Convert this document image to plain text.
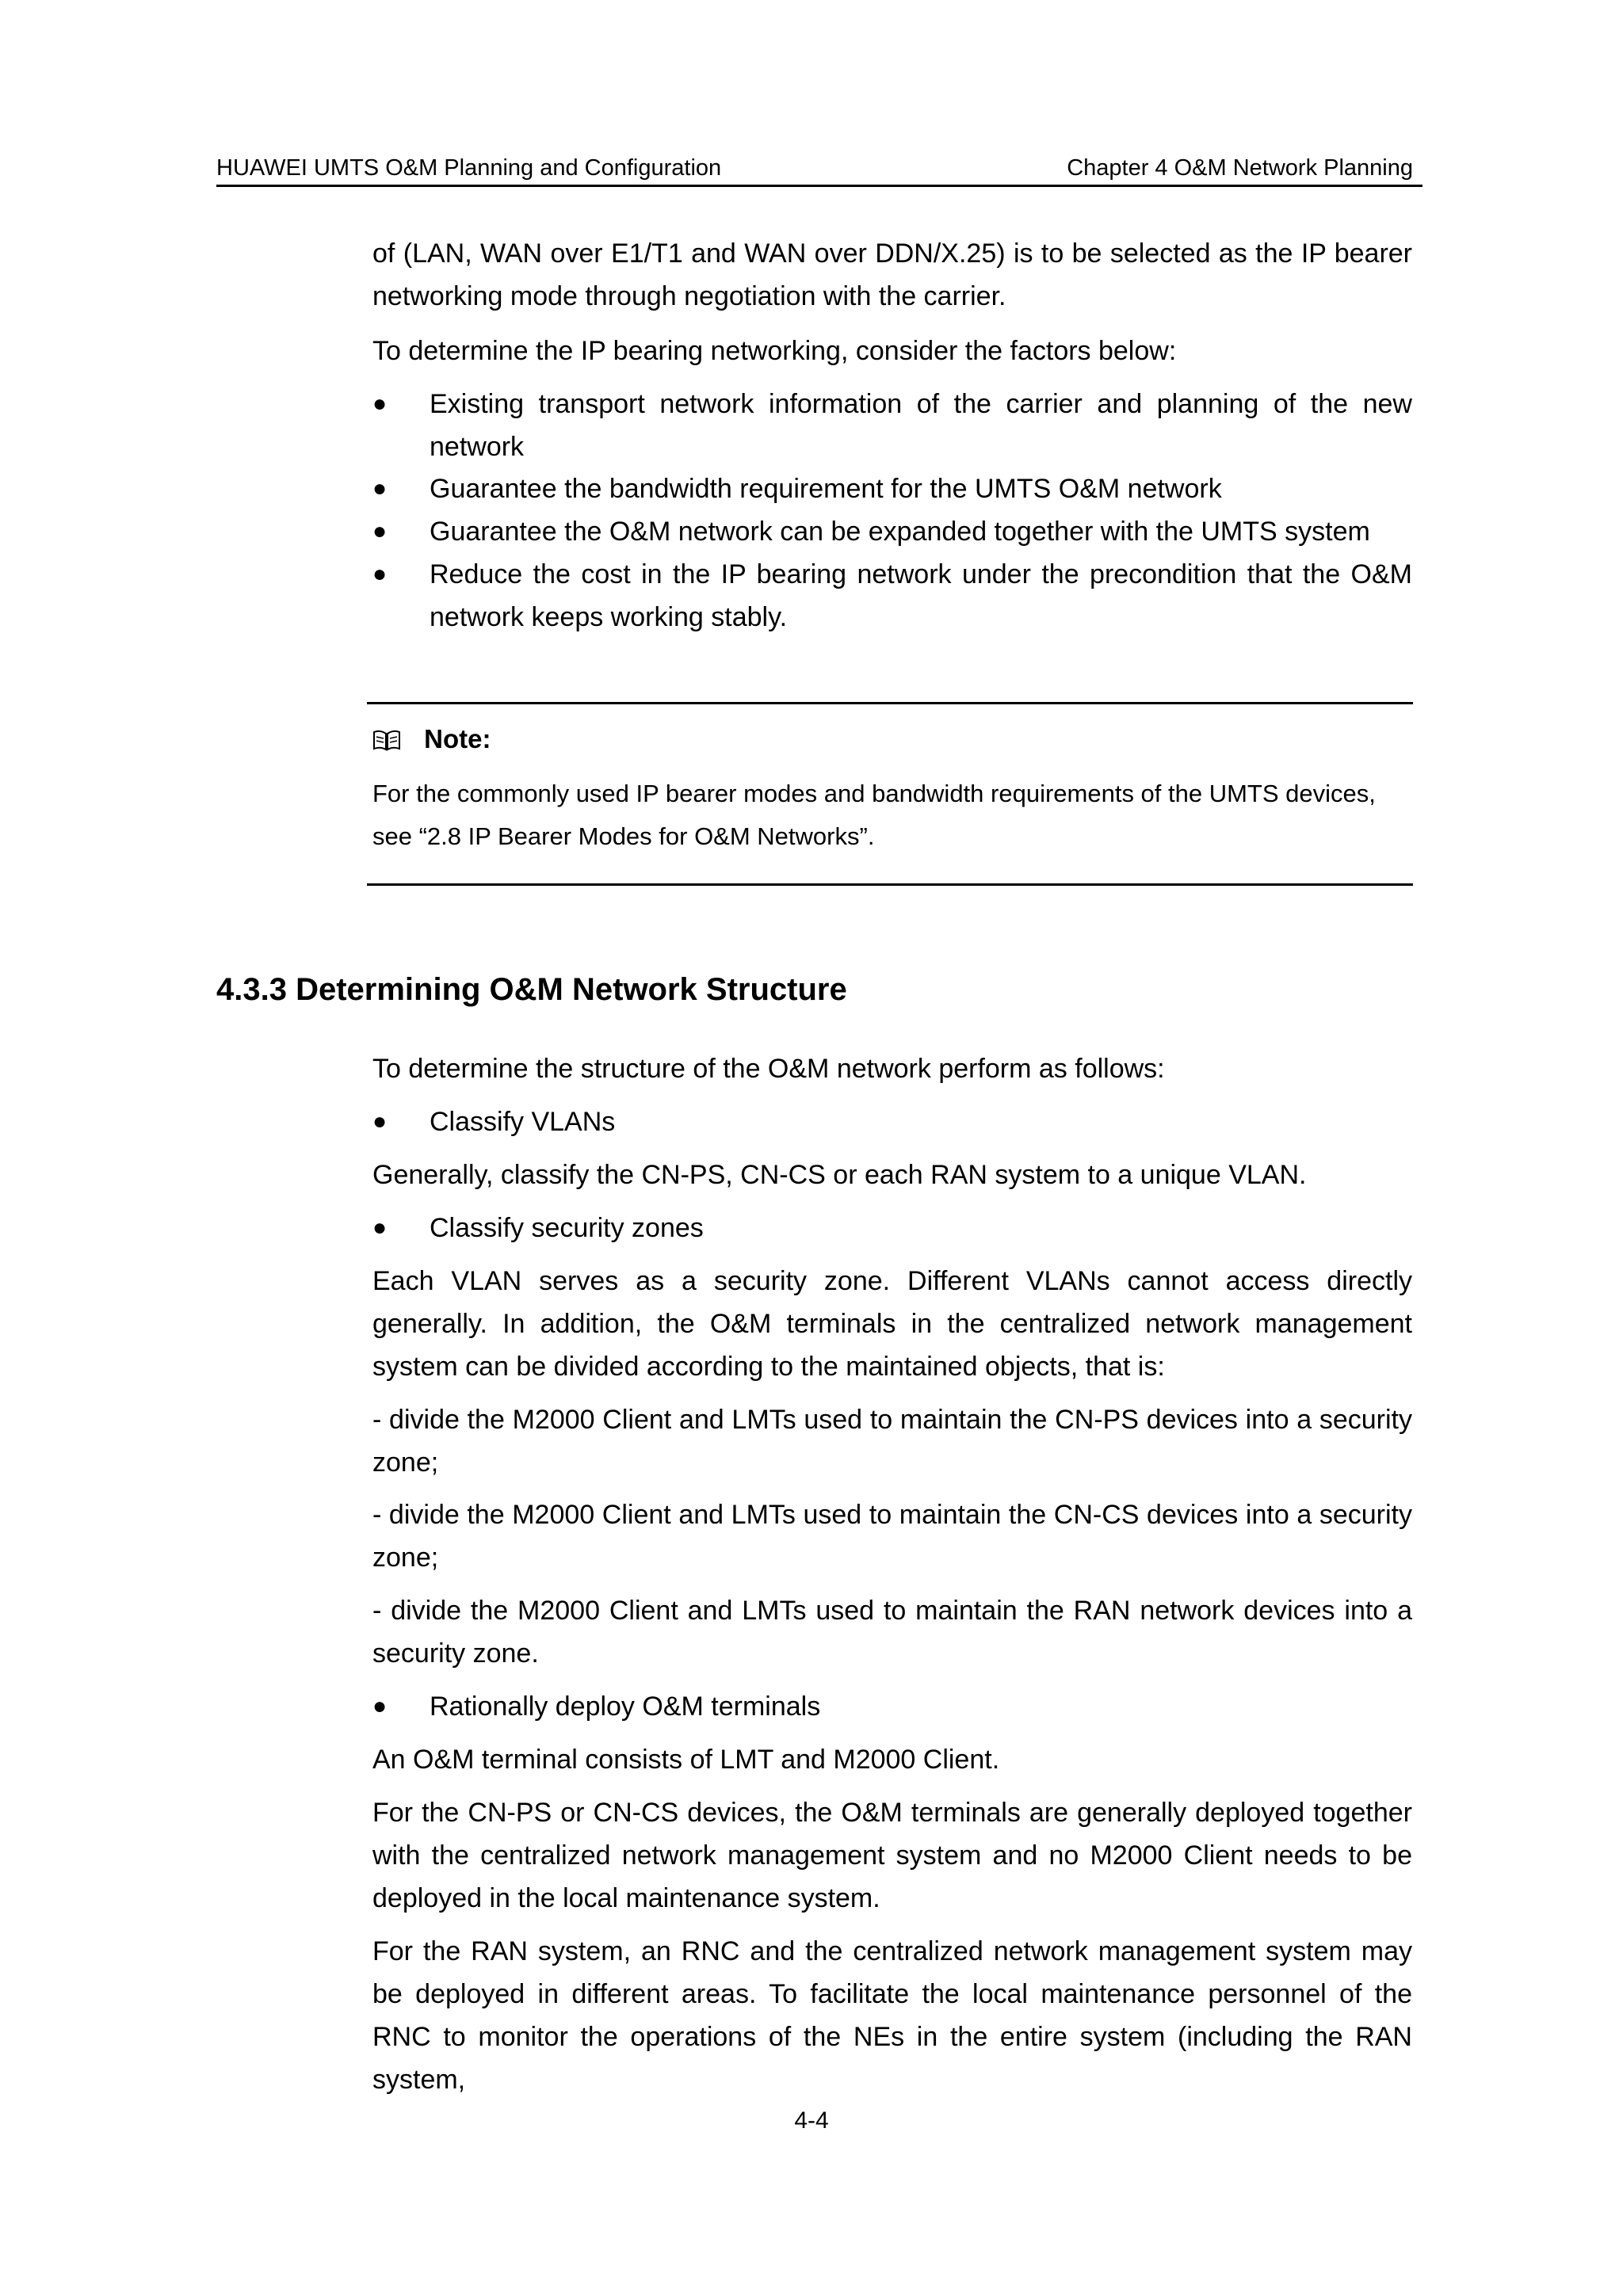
HUAWEI UMTS O&M Planning and Configuration	Chapter 4 O&M Network Planning

of (LAN, WAN over E1/T1 and WAN over DDN/X.25) is to be selected as the IP bearer networking mode through negotiation with the carrier.

To determine the IP bearing networking, consider the factors below:

●	Existing transport network information of the carrier and planning of the new network
●	Guarantee the bandwidth requirement for the UMTS O&M network
●	Guarantee the O&M network can be expanded together with the UMTS system
●	Reduce the cost in the IP bearing network under the precondition that the O&M network keeps working stably.
Note:
For the commonly used IP bearer modes and bandwidth requirements of the UMTS devices, see “2.8 IP Bearer Modes for O&M Networks”.
4.3.3 Determining O&M Network Structure

To determine the structure of the O&M network perform as follows:

●	Classify VLANs

Generally, classify the CN-PS, CN-CS or each RAN system to a unique VLAN.

●	Classify security zones

Each VLAN serves as a security zone. Different VLANs cannot access directly generally. In addition, the O&M terminals in the centralized network management system can be divided according to the maintained objects, that is:

- divide the M2000 Client and LMTs used to maintain the CN-PS devices into a security zone;

- divide the M2000 Client and LMTs used to maintain the CN-CS devices into a security zone;

- divide the M2000 Client and LMTs used to maintain the RAN network devices into a security zone.

●	Rationally deploy O&M terminals

An O&M terminal consists of LMT and M2000 Client.

For the CN-PS or CN-CS devices, the O&M terminals are generally deployed together with the centralized network management system and no M2000 Client needs to be deployed in the local maintenance system.

For the RAN system, an RNC and the centralized network management system may be deployed in different areas. To facilitate the local maintenance personnel of the RNC to monitor the operations of the NEs in the entire system (including the RAN system,

4-4
